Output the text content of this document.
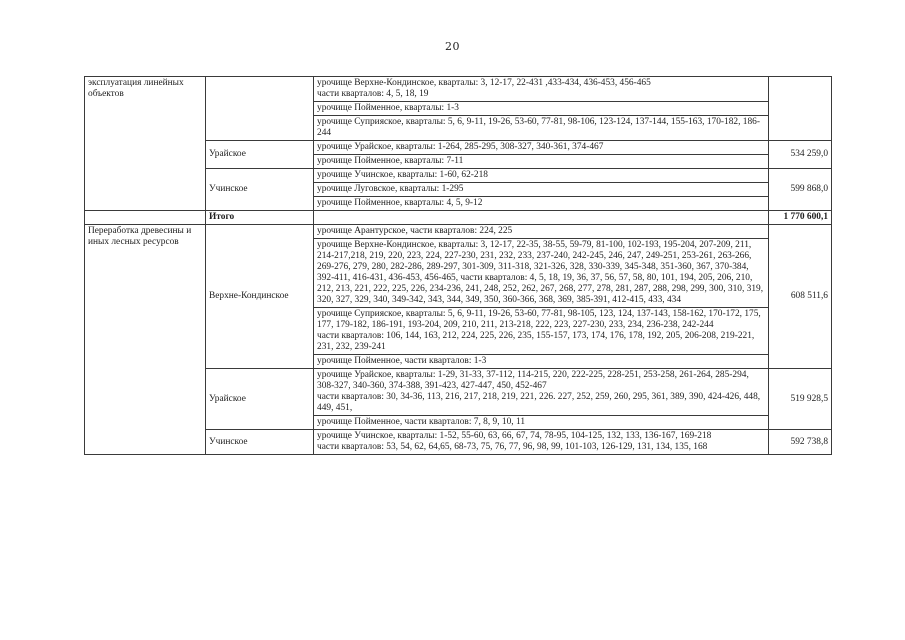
20
эксплуатация линейных объектов		урочище Верхне-Кондинское, кварталы: 3, 12-17, 22-431 ,433-434, 436-453, 456-465
части кварталов: 4, 5, 18, 19	

		урочище Пойменное, кварталы: 1-3	

		урочище Суприяское, кварталы: 5, 6, 9-11, 19-26, 53-60, 77-81, 98-106, 123-124, 137-144, 155-163, 170-182, 186-244	

	Урайское	урочище Урайское, кварталы: 1-264, 285-295, 308-327, 340-361, 374-467	534 259,0

		урочище Пойменное, кварталы: 7-11	

	Учинское	урочище Учинское, кварталы: 1-60, 62-218	599 868,0

		урочище Луговское, кварталы: 1-295	

		урочище Пойменное, кварталы: 4, 5, 9-12	

	Итого		1 770 600,1
Переработка древесины и иных лесных ресурсов	Верхне-Кондинское	урочище Арантурское, части кварталов: 224, 225	608 511,6

		урочище Верхне-Кондинское, кварталы: 3, 12-17, 22-35, 38-55, 59-79, 81-100, 102-193, 195-204, 207-209, 211, 214-217,218, 219, 220, 223, 224, 227-230, 231, 232, 233, 237-240, 242-245, 246, 247, 249-251, 253-261, 263-266, 269-276, 279, 280, 282-286, 289-297, 301-309, 311-318, 321-326, 328, 330-339, 345-348, 351-360, 367, 370-384, 392-411, 416-431, 436-453, 456-465, части кварталов: 4, 5, 18, 19, 36, 37, 56, 57, 58, 80, 101, 194, 205, 206, 210, 212, 213, 221, 222, 225, 226, 234-236, 241, 248, 252, 262, 267, 268, 277, 278, 281, 287, 288, 298, 299, 300, 310, 319, 320, 327, 329, 340, 349-342, 343, 344, 349, 350, 360-366, 368, 369, 385-391, 412-415, 433, 434	

		урочище Суприяское, кварталы: 5, 6, 9-11, 19-26, 53-60, 77-81, 98-105, 123, 124, 137-143, 158-162, 170-172, 175, 177, 179-182, 186-191, 193-204, 209, 210, 211, 213-218, 222, 223, 227-230, 233, 234, 236-238, 242-244
части кварталов: 106, 144, 163, 212, 224, 225, 226, 235, 155-157, 173, 174, 176, 178, 192, 205, 206-208, 219-221, 231, 232, 239-241	

		урочище Пойменное, части кварталов: 1-3	

	Урайское	урочище Урайское, кварталы: 1-29, 31-33, 37-112, 114-215, 220, 222-225, 228-251, 253-258, 261-264, 285-294, 308-327, 340-360, 374-388, 391-423, 427-447, 450, 452-467
части кварталов: 30, 34-36, 113, 216, 217, 218, 219, 221, 226. 227, 252, 259, 260, 295, 361, 389, 390, 424-426, 448, 449, 451,	519 928,5

		урочище Пойменное, части кварталов: 7, 8, 9, 10, 11	

	Учинское	урочище Учинское, кварталы: 1-52, 55-60, 63, 66, 67, 74, 78-95, 104-125, 132, 133, 136-167, 169-218
части кварталов: 53, 54, 62, 64,65, 68-73, 75, 76, 77, 96, 98, 99, 101-103, 126-129, 131, 134, 135, 168	592 738,8
